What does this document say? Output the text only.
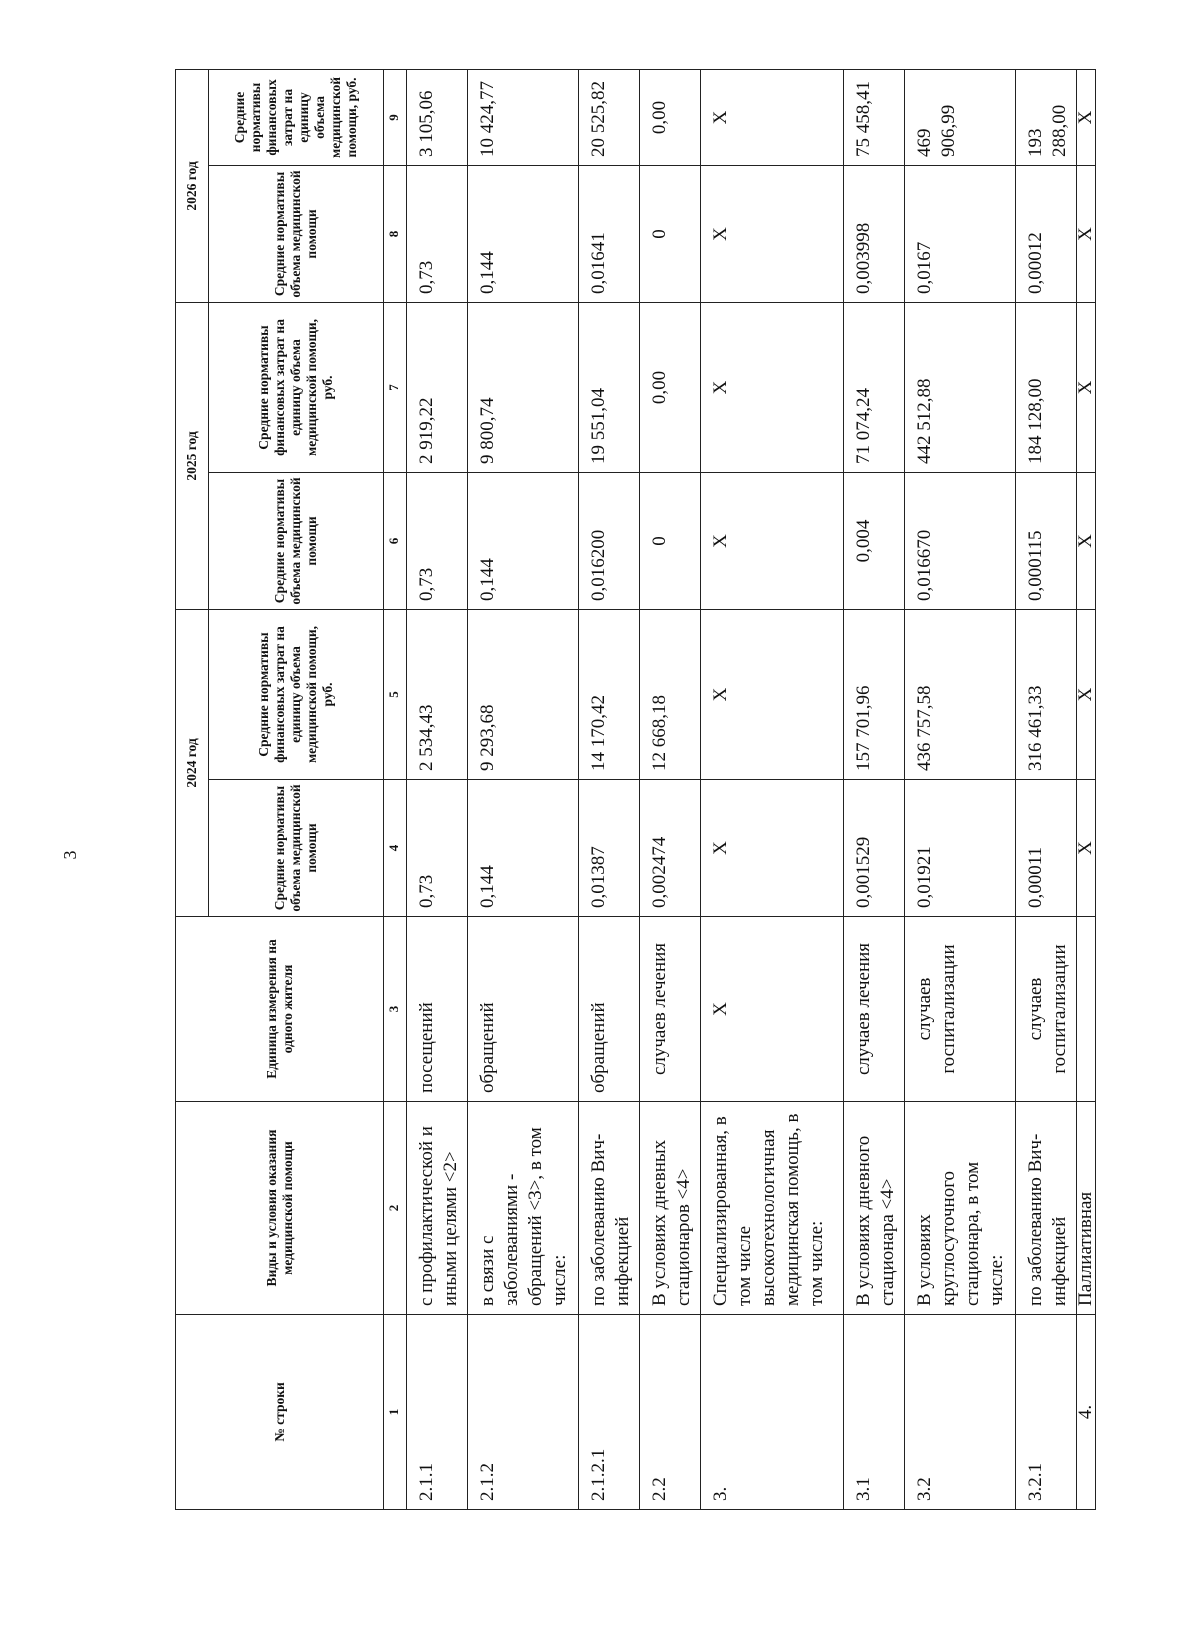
3
№ строки	Виды и условия оказания медицинской помощи	Единица измерения на одного жителя	2024 год		2025 год		2026 год	
			Средние нормативы объема медицинской помощи	Средние нормативы финансовых затрат на единицу объема медицинской помощи, руб.	Средние нормативы объема медицинской помощи	Средние нормативы финансовых затрат на единицу объема медицинской помощи, руб.	Средние нормативы объема медицинской помощи	Средние нормативы финансовых затрат на единицу объема медицинской помощи, руб.
1	2	3	4	5	6	7	8	9
2.1.1	с профилактической и иными целями <2>	посещений	0,73	2 534,43	0,73	2 919,22	0,73	3 105,06
2.1.2	в связи с заболеваниями - обращений <3>, в том числе:	обращений	0,144	9 293,68	0,144	9 800,74	0,144	10 424,77
2.1.2.1	по заболеванию Вич-инфекцией	обращений	0,01387	14 170,42	0,016200	19 551,04	0,01641	20 525,82
2.2	В условиях дневных стационаров <4>	случаев лечения	0,002474	12 668,18	0	0,00	0	0,00
3.	Специализированная, в том числе высокотехнологичная медицинская помощь, в том числе:	Х	Х	Х	Х	Х	Х	Х
3.1	В условиях дневного стационара <4>	случаев лечения	0,001529	157 701,96	0,004	71 074,24	0,003998	75 458,41
3.2	В условиях круглосуточного стационара, в том числе:	случаев госпитализации	0,01921	436 757,58	0,016670	442 512,88	0,0167	469 906,99
3.2.1	по заболеванию Вич-инфекцией	случаев госпитализации	0,00011	316 461,33	0,000115	184 128,00	0,00012	193 288,00
4.	Паллиативная		Х	Х	Х	Х	Х	Х
